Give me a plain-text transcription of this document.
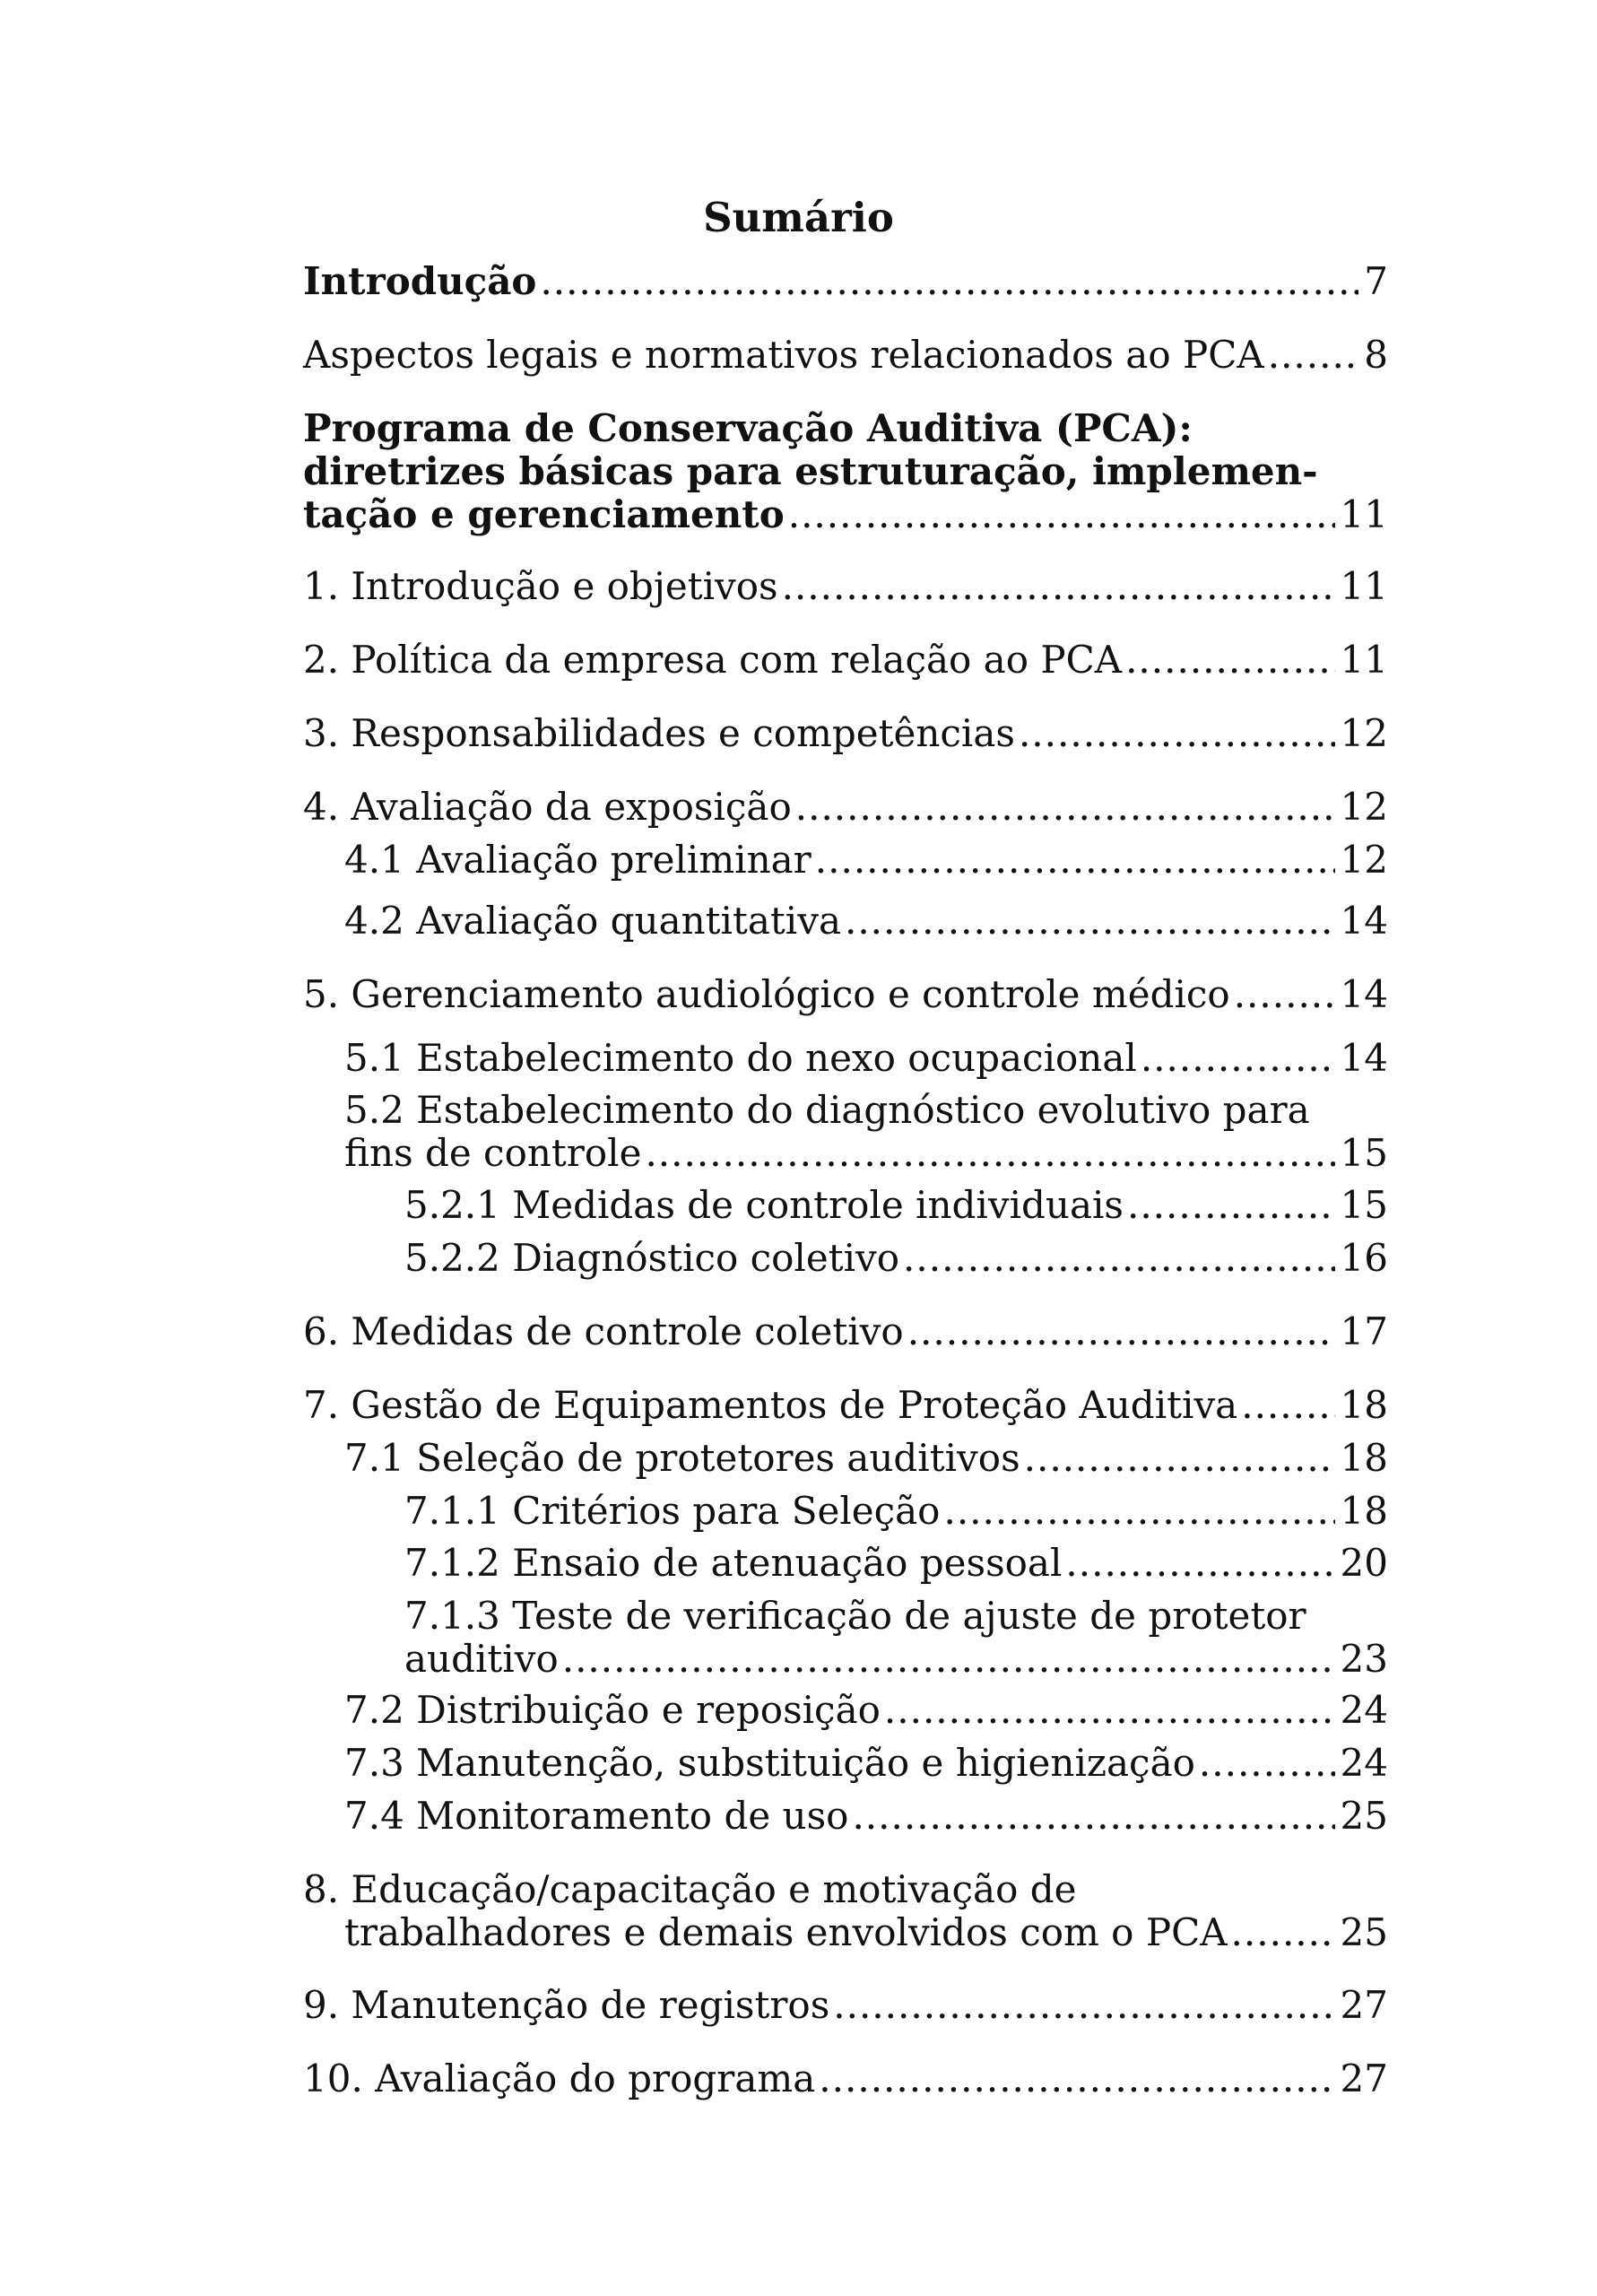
Sumário
Introdução .....	7
Aspectos legais e normativos relacionados ao PCA .....	8
Programa de Conservação Auditiva (PCA):
diretrizes básicas para estruturação, implemen-
tação e gerenciamento .....	11
1. Introdução e objetivos .....	11
2. Política da empresa com relação ao PCA .....	11
3. Responsabilidades e competências .....	12
4. Avaliação da exposição .....	12
4.1 Avaliação preliminar .....	12
4.2 Avaliação quantitativa .....	14
5. Gerenciamento audiológico e controle médico .....	14
5.1 Estabelecimento do nexo ocupacional .....	14
5.2 Estabelecimento do diagnóstico evolutivo para
fins de controle .....	15
5.2.1 Medidas de controle individuais .....	15
5.2.2 Diagnóstico coletivo .....	16
6. Medidas de controle coletivo .....	17
7. Gestão de Equipamentos de Proteção Auditiva .....	18
7.1 Seleção de protetores auditivos .....	18
7.1.1 Critérios para Seleção .....	18
7.1.2 Ensaio de atenuação pessoal .....	20
7.1.3 Teste de verificação de ajuste de protetor
auditivo .....	23
7.2 Distribuição e reposição .....	24
7.3 Manutenção, substituição e higienização .....	24
7.4 Monitoramento de uso .....	25
8. Educação/capacitação e motivação de
trabalhadores e demais envolvidos com o PCA .....	25
9. Manutenção de registros .....	27
10. Avaliação do programa .....	27
